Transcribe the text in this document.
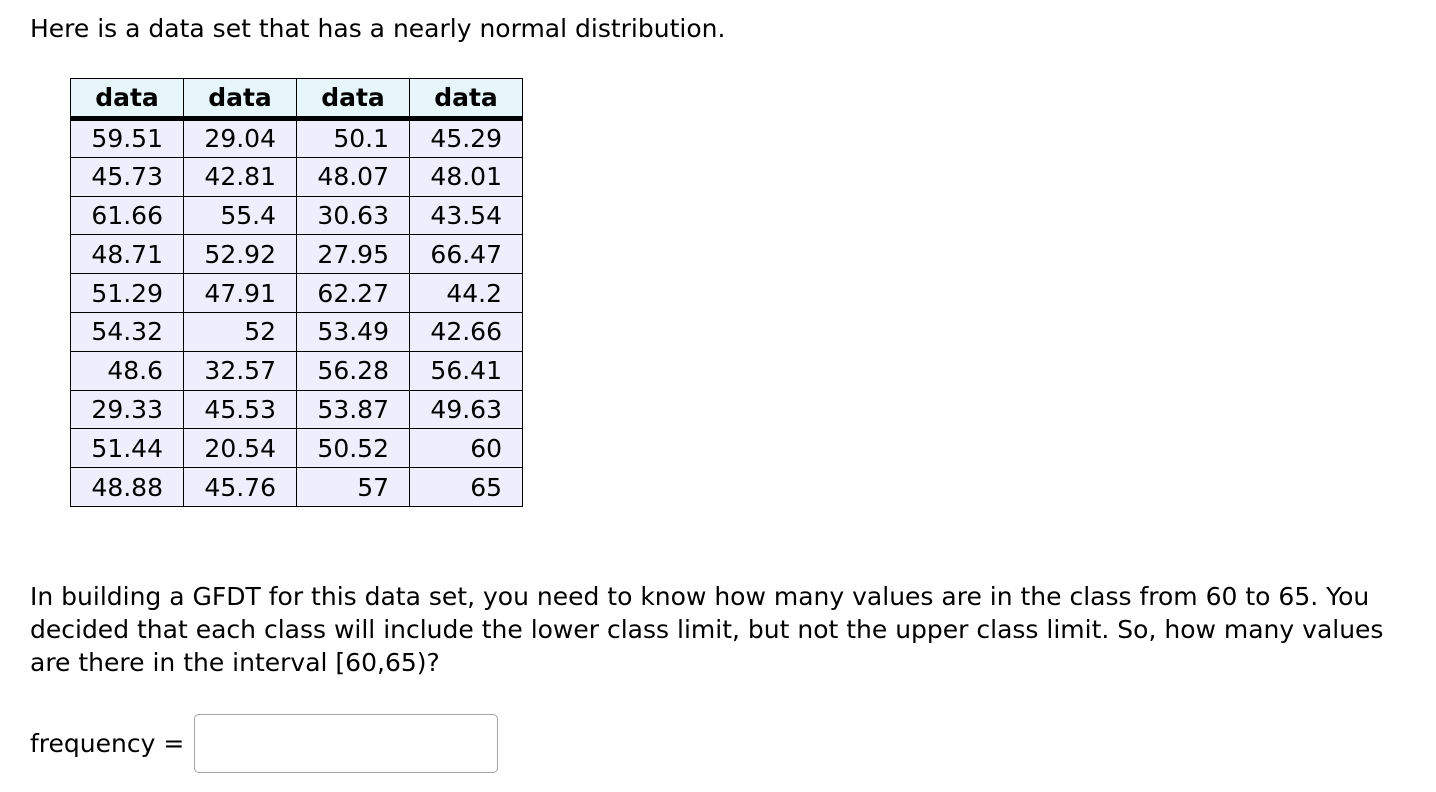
Here is a data set that has a nearly normal distribution.

data	data	data	data
59.51	29.04	50.1	45.29
45.73	42.81	48.07	48.01
61.66	55.4	30.63	43.54
48.71	52.92	27.95	66.47
51.29	47.91	62.27	44.2
54.32	52	53.49	42.66
48.6	32.57	56.28	56.41
29.33	45.53	53.87	49.63
51.44	20.54	50.52	60
48.88	45.76	57	65

In building a GFDT for this data set, you need to know how many values are in the class from 60 to 65. You decided that each class will include the lower class limit, but not the upper class limit. So, how many values are there in the interval [60,65)?

frequency =
